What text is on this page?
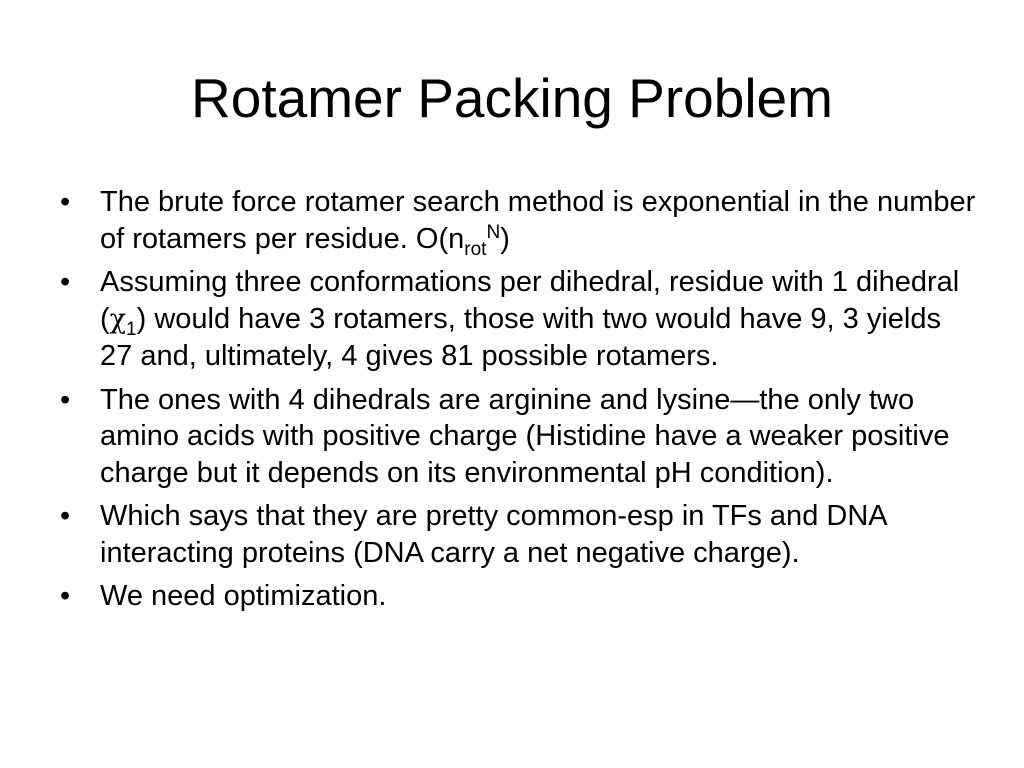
Rotamer Packing Problem
• The brute force rotamer search method is exponential in the number of rotamers per residue. $O(n_{rot}^N)$
• Assuming three conformations per dihedral, residue with 1 dihedral $(\chi_1)$ would have 3 rotamers, those with two would have 9, 3 yields 27 and, ultimately, 4 gives 81 possible rotamers.
• The ones with 4 dihedrals are arginine and lysine—the only two amino acids with positive charge (Histidine have a weaker positive charge but it depends on its environmental pH condition).
• Which says that they are pretty common-esp in TFs and DNA interacting proteins (DNA carry a net negative charge).
• We need optimization.
